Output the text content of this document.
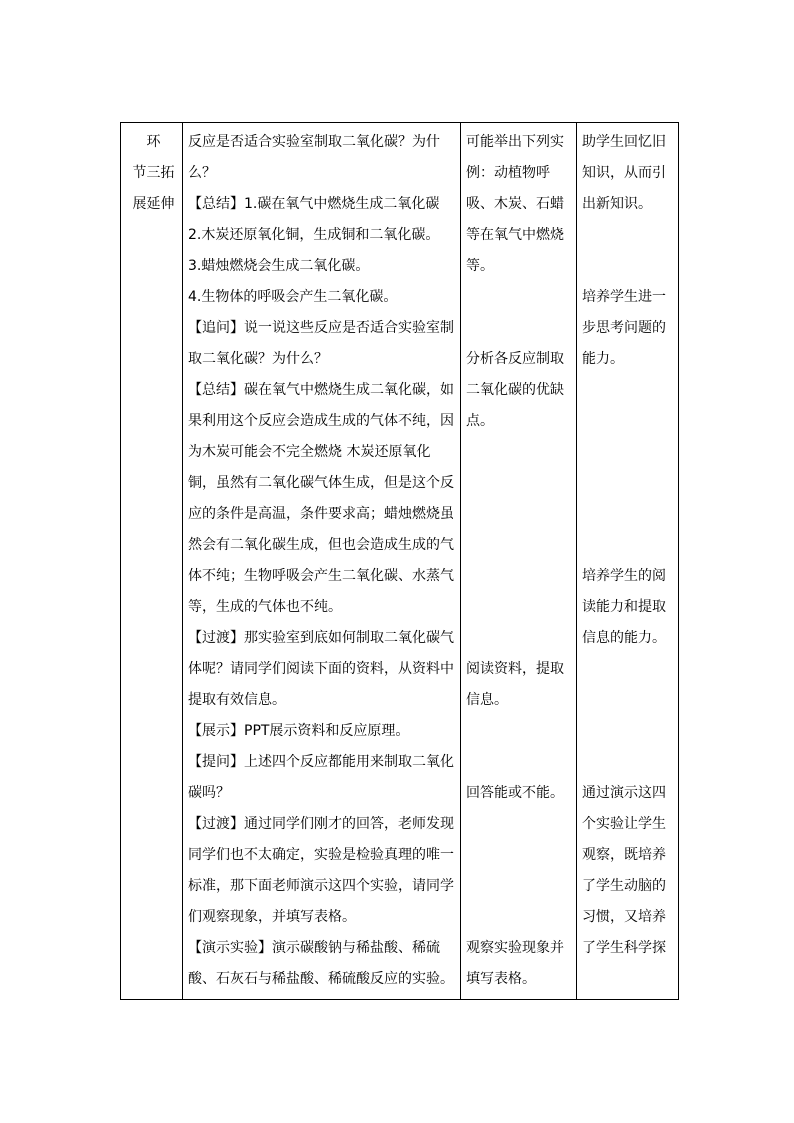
环
节三拓
展延伸

反应是否适合实验室制取二氧化碳？为什么？
【总结】1.碳在氧气中燃烧生成二氧化碳
2.木炭还原氧化铜，生成铜和二氧化碳。
3.蜡烛燃烧会生成二氧化碳。
4.生物体的呼吸会产生二氧化碳。
【追问】说一说这些反应是否适合实验室制取二氧化碳？为什么？
【总结】碳在氧气中燃烧生成二氧化碳，如果利用这个反应会造成生成的气体不纯，因为木炭可能会不完全燃烧 木炭还原氧化铜，虽然有二氧化碳气体生成，但是这个反应的条件是高温，条件要求高；蜡烛燃烧虽然会有二氧化碳生成，但也会造成生成的气体不纯；生物呼吸会产生二氧化碳、水蒸气等，生成的气体也不纯。
【过渡】那实验室到底如何制取二氧化碳气体呢？请同学们阅读下面的资料，从资料中提取有效信息。
【展示】PPT展示资料和反应原理。
【提问】上述四个反应都能用来制取二氧化碳吗？
【过渡】通过同学们刚才的回答，老师发现同学们也不太确定，实验是检验真理的唯一标准，那下面老师演示这四个实验，请同学们观察现象，并填写表格。
【演示实验】演示碳酸钠与稀盐酸、稀硫酸、石灰石与稀盐酸、稀硫酸反应的实验。

可能举出下列实例：动植物呼吸、木炭、石蜡等在氧气中燃烧等。
分析各反应制取二氧化碳的优缺点。
阅读资料，提取信息。
回答能或不能。
观察实验现象并填写表格。

助学生回忆旧知识，从而引出新知识。
培养学生进一步思考问题的能力。
培养学生的阅读能力和提取信息的能力。
通过演示这四个实验让学生观察，既培养了学生动脑的习惯，又培养了学生科学探
